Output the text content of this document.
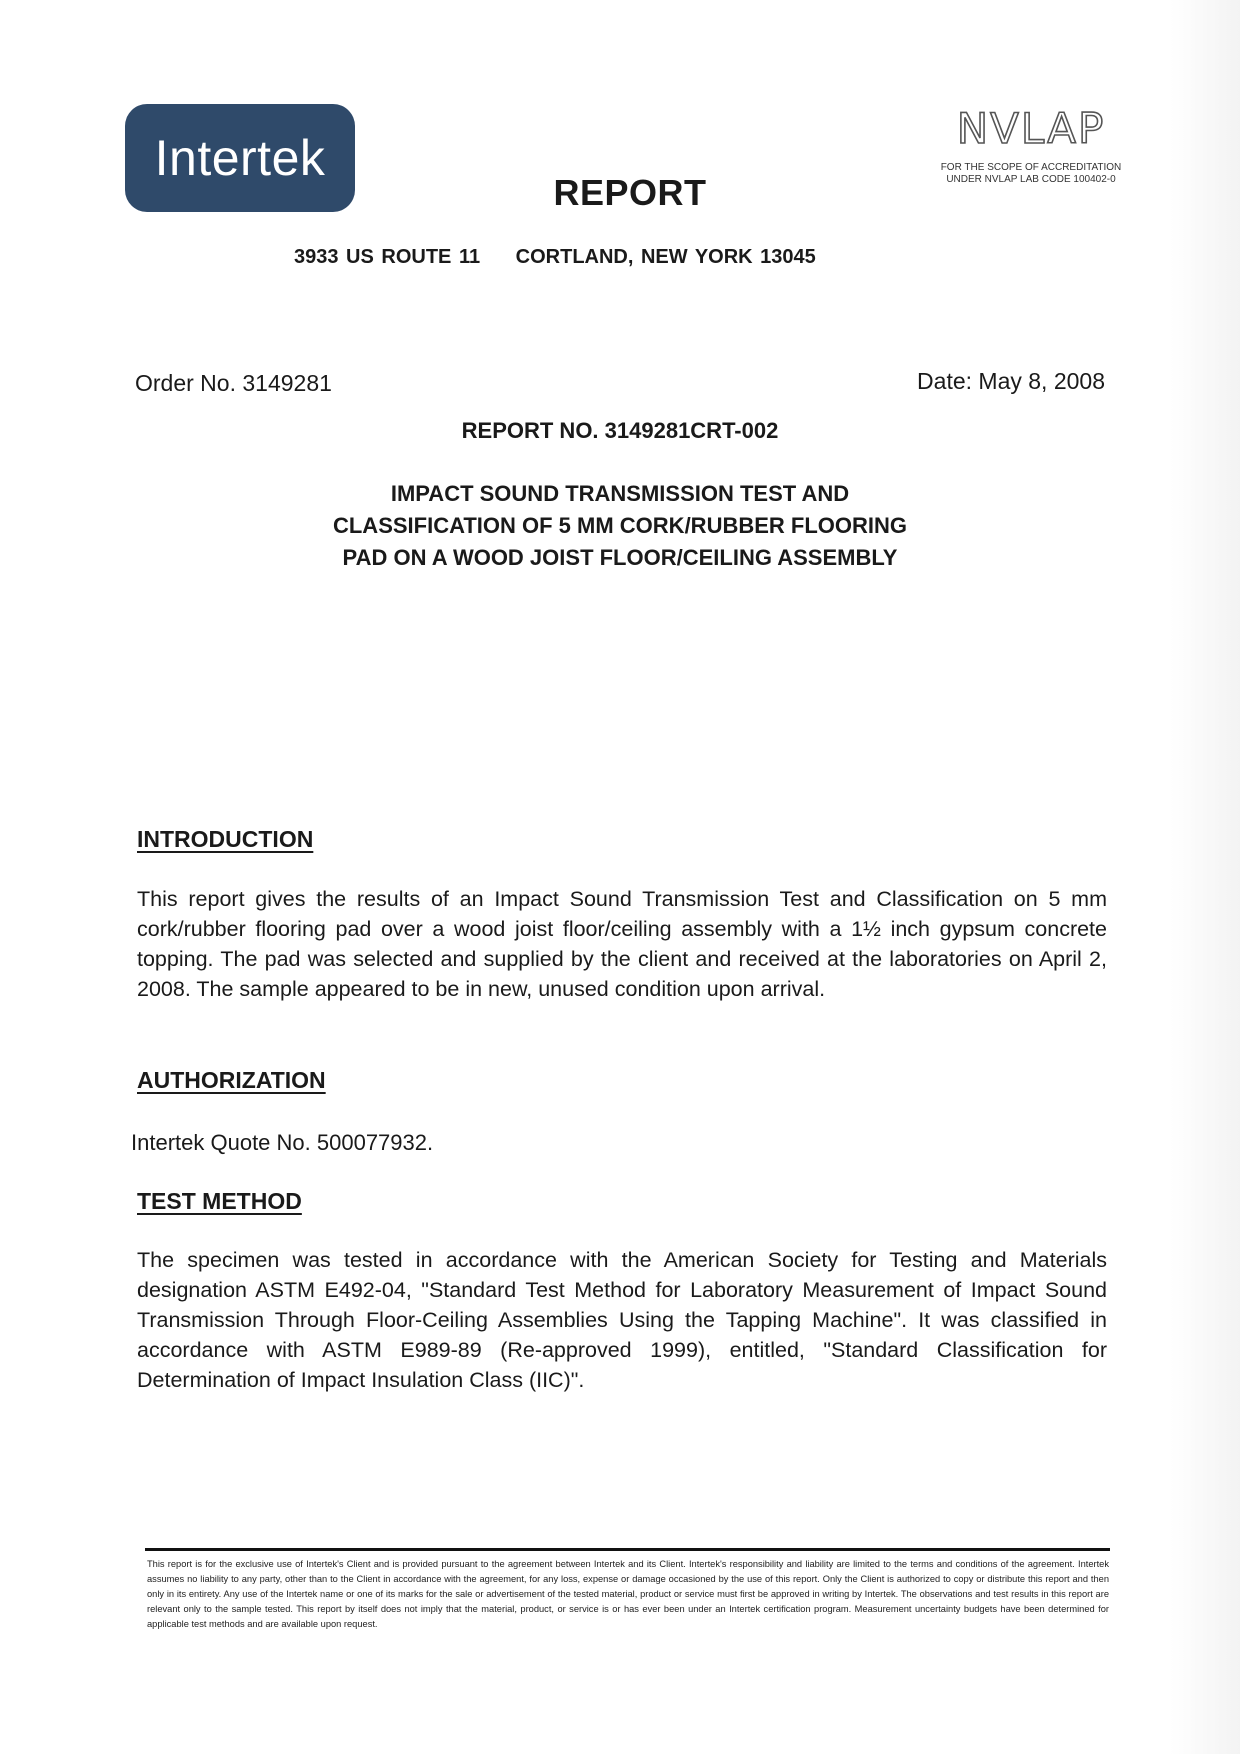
Intertek
REPORT
NVLAP
FOR THE SCOPE OF ACCREDITATION UNDER NVLAP LAB CODE 100402-0
3933 US ROUTE 11 CORTLAND, NEW YORK 13045
Order No. 3149281	Date: May 8, 2008
REPORT NO. 3149281CRT-002
IMPACT SOUND TRANSMISSION TEST AND
CLASSIFICATION OF 5 MM CORK/RUBBER FLOORING
PAD ON A WOOD JOIST FLOOR/CEILING ASSEMBLY
INTRODUCTION
This report gives the results of an Impact Sound Transmission Test and Classification on 5 mm cork/rubber flooring pad over a wood joist floor/ceiling assembly with a 1½ inch gypsum concrete topping. The pad was selected and supplied by the client and received at the laboratories on April 2, 2008. The sample appeared to be in new, unused condition upon arrival.
AUTHORIZATION
Intertek Quote No. 500077932.
TEST METHOD
The specimen was tested in accordance with the American Society for Testing and Materials designation ASTM E492-04, "Standard Test Method for Laboratory Measurement of Impact Sound Transmission Through Floor-Ceiling Assemblies Using the Tapping Machine". It was classified in accordance with ASTM E989-89 (Re-approved 1999), entitled, "Standard Classification for Determination of Impact Insulation Class (IIC)".
This report is for the exclusive use of Intertek's Client and is provided pursuant to the agreement between Intertek and its Client. Intertek's responsibility and liability are limited to the terms and conditions of the agreement. Intertek assumes no liability to any party, other than to the Client in accordance with the agreement, for any loss, expense or damage occasioned by the use of this report. Only the Client is authorized to copy or distribute this report and then only in its entirety. Any use of the Intertek name or one of its marks for the sale or advertisement of the tested material, product or service must first be approved in writing by Intertek. The observations and test results in this report are relevant only to the sample tested. This report by itself does not imply that the material, product, or service is or has ever been under an Intertek certification program. Measurement uncertainty budgets have been determined for applicable test methods and are available upon request.
